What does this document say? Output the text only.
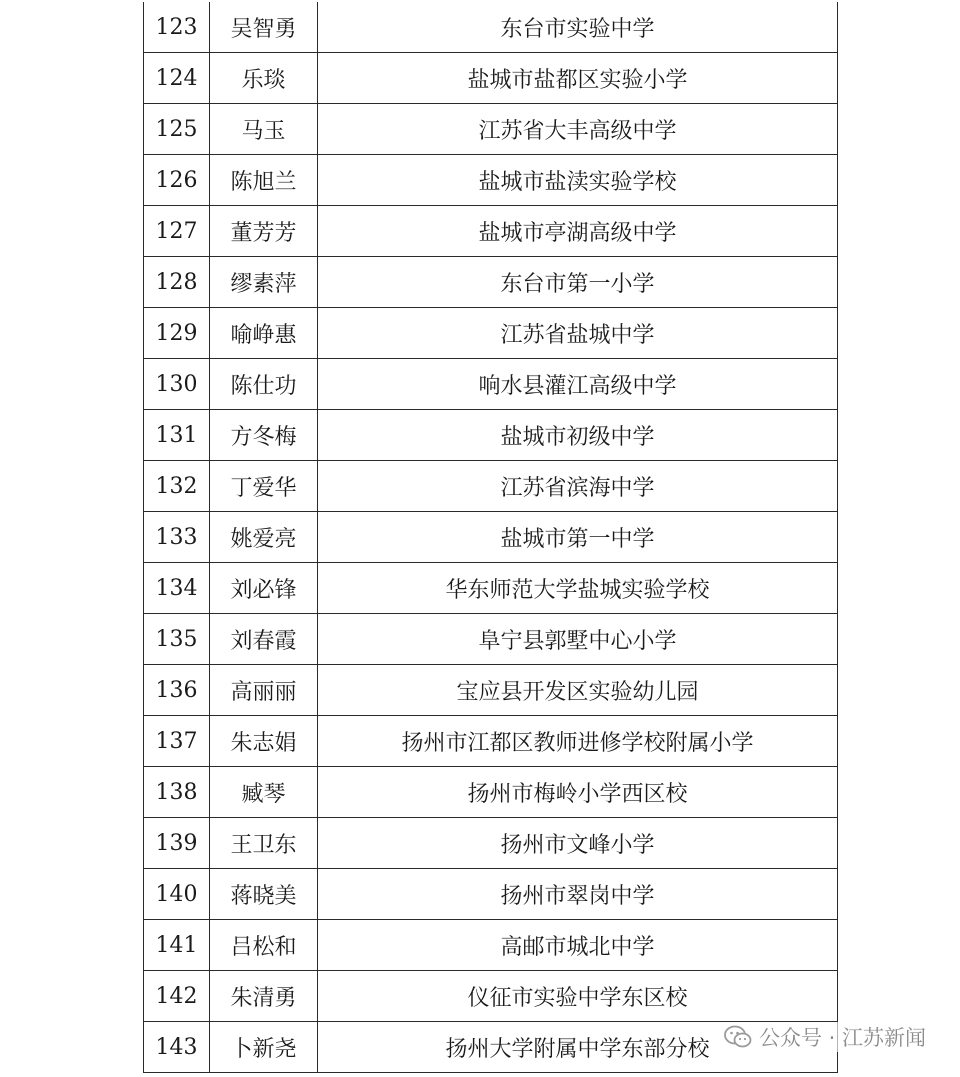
123	吴智勇	东台市实验中学
124	乐琰	盐城市盐都区实验小学
125	马玉	江苏省大丰高级中学
126	陈旭兰	盐城市盐渎实验学校
127	董芳芳	盐城市亭湖高级中学
128	缪素萍	东台市第一小学
129	喻峥惠	江苏省盐城中学
130	陈仕功	响水县灌江高级中学
131	方冬梅	盐城市初级中学
132	丁爱华	江苏省滨海中学
133	姚爱亮	盐城市第一中学
134	刘必锋	华东师范大学盐城实验学校
135	刘春霞	阜宁县郭墅中心小学
136	高丽丽	宝应县开发区实验幼儿园
137	朱志娟	扬州市江都区教师进修学校附属小学
138	臧琴	扬州市梅岭小学西区校
139	王卫东	扬州市文峰小学
140	蒋晓美	扬州市翠岗中学
141	吕松和	高邮市城北中学
142	朱清勇	仪征市实验中学东区校
143	卜新尧	扬州大学附属中学东部分校 公众号 · 江苏新闻
